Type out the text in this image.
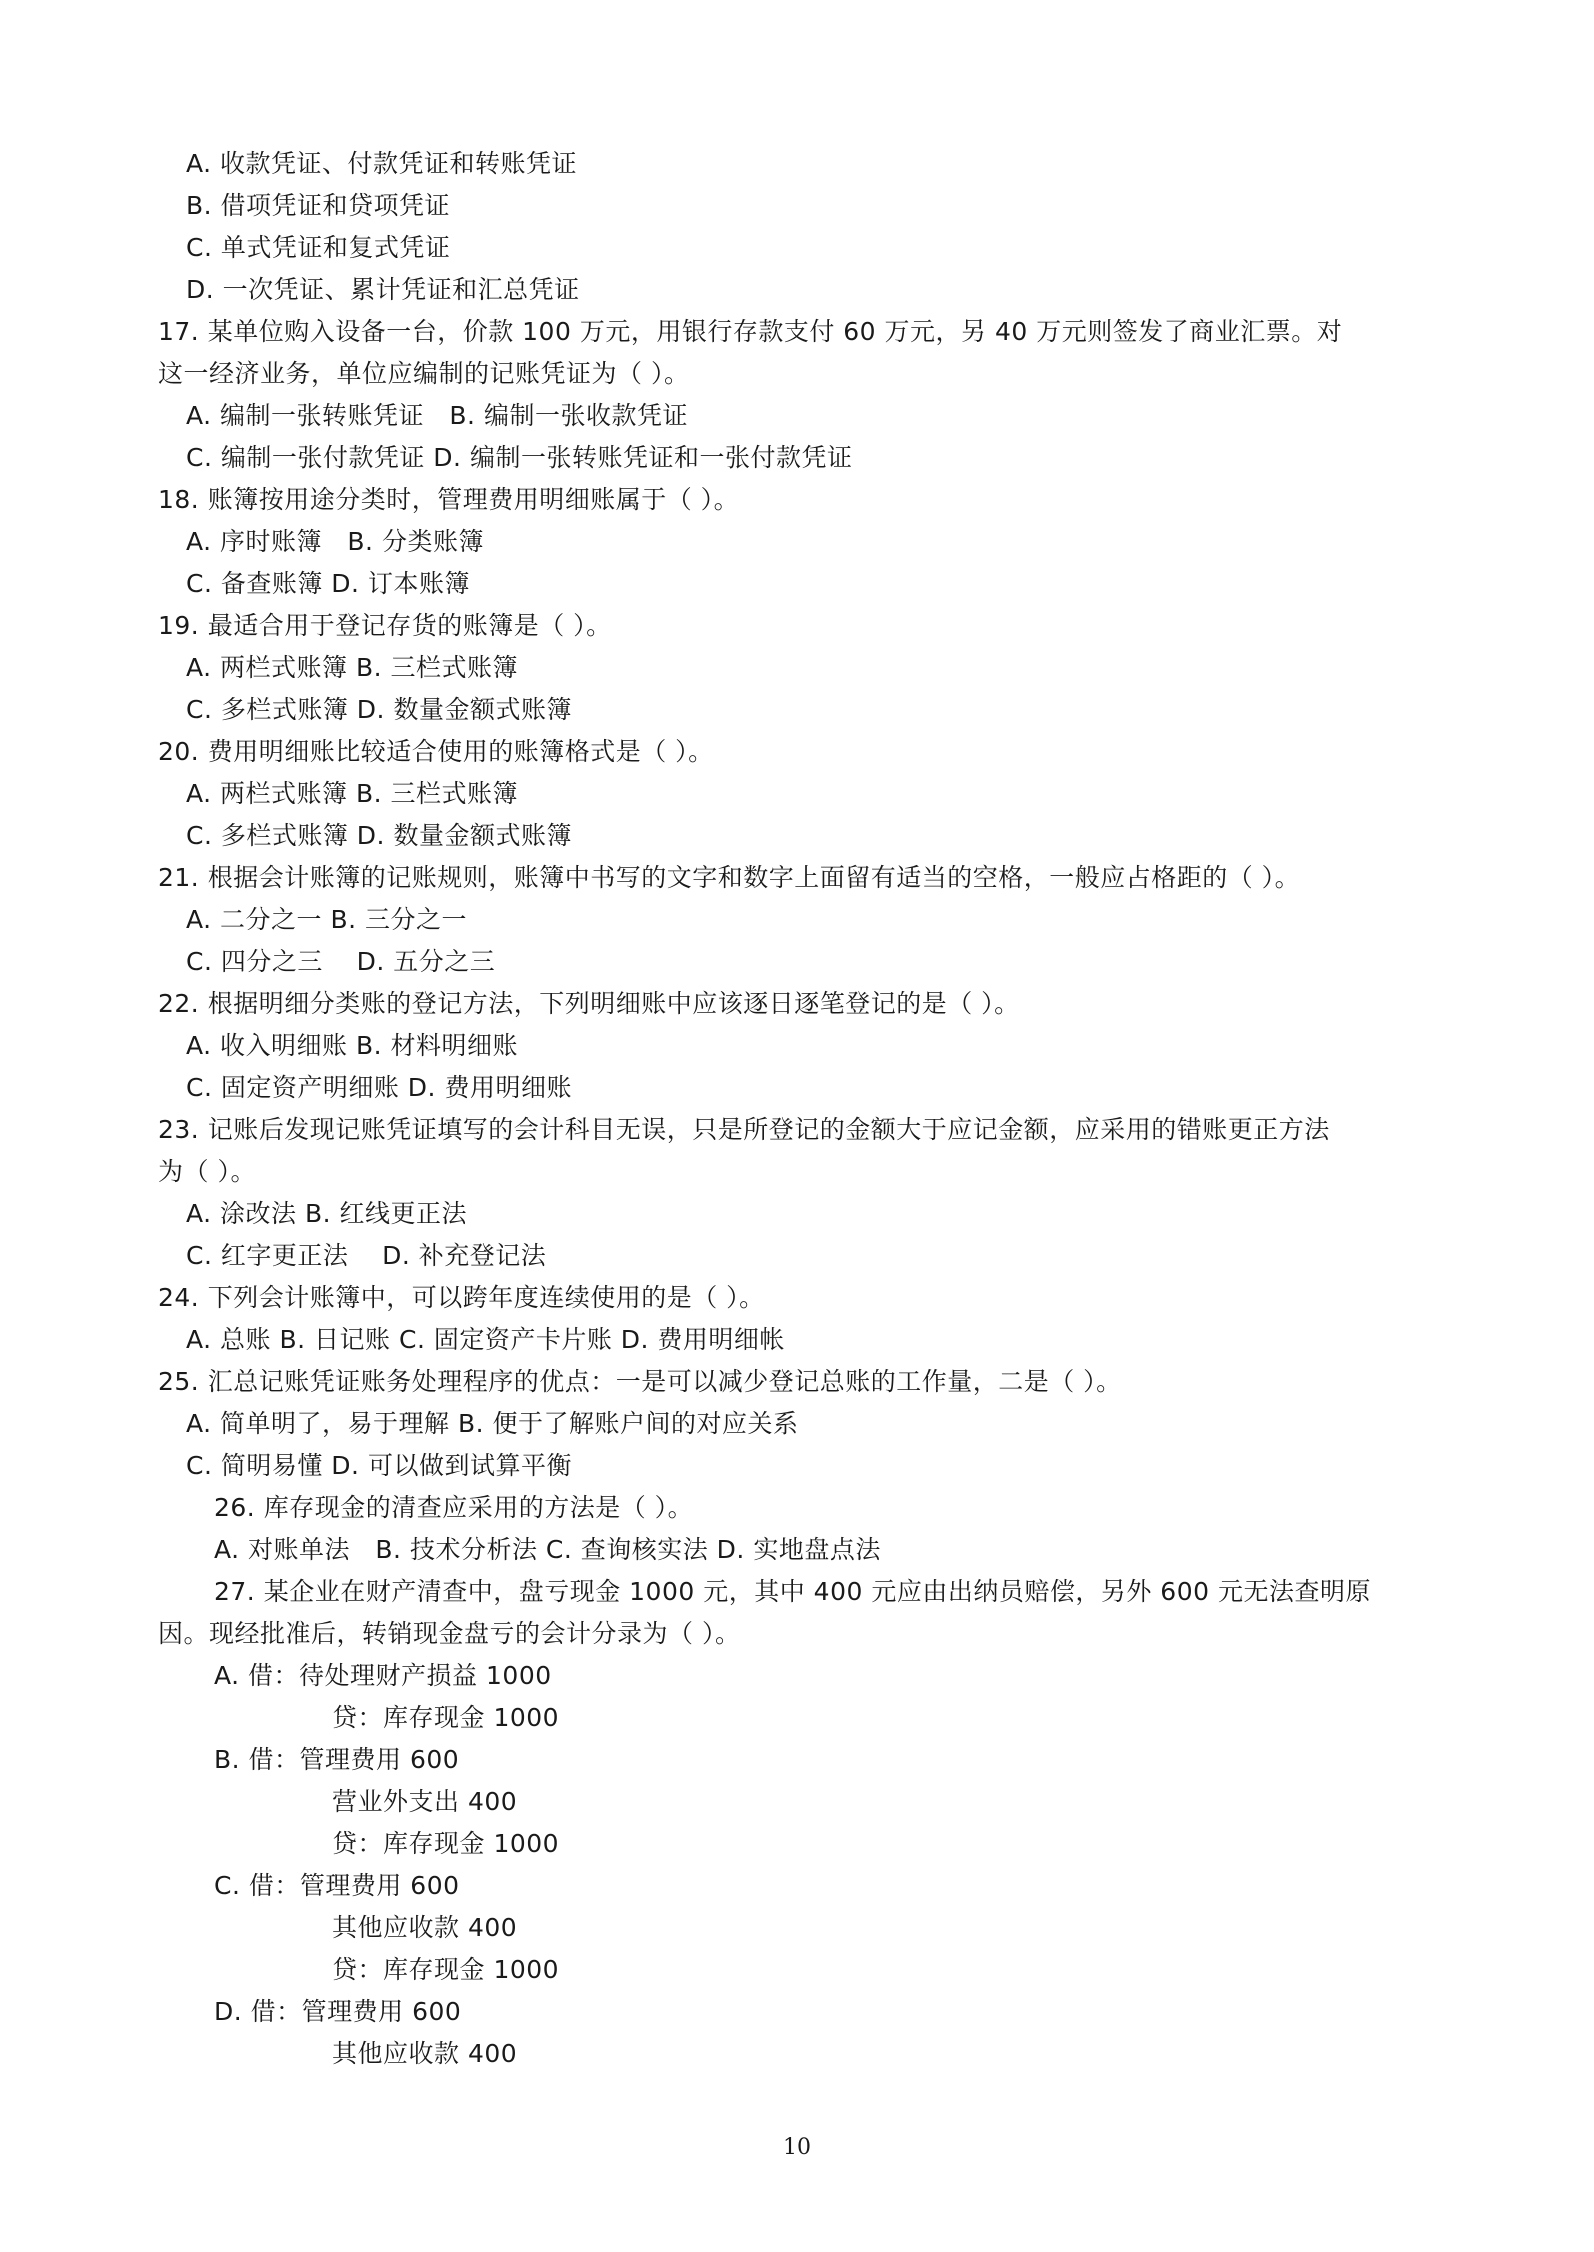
A. 收款凭证、付款凭证和转账凭证
B. 借项凭证和贷项凭证
C. 单式凭证和复式凭证
D. 一次凭证、累计凭证和汇总凭证
17. 某单位购入设备一台，价款 100 万元，用银行存款支付 60 万元，另 40 万元则签发了商业汇票。对
这一经济业务，单位应编制的记账凭证为（ ）。
A. 编制一张转账凭证   B. 编制一张收款凭证
C. 编制一张付款凭证 D. 编制一张转账凭证和一张付款凭证
18. 账簿按用途分类时，管理费用明细账属于（ ）。
A. 序时账簿   B. 分类账簿
C. 备查账簿 D. 订本账簿
19. 最适合用于登记存货的账簿是（ ）。
A. 两栏式账簿 B. 三栏式账簿
C. 多栏式账簿 D. 数量金额式账簿
20. 费用明细账比较适合使用的账簿格式是（ ）。
A. 两栏式账簿 B. 三栏式账簿
C. 多栏式账簿 D. 数量金额式账簿
21. 根据会计账簿的记账规则，账簿中书写的文字和数字上面留有适当的空格，一般应占格距的（ ）。
A. 二分之一 B. 三分之一
C. 四分之三    D. 五分之三
22. 根据明细分类账的登记方法，下列明细账中应该逐日逐笔登记的是（ ）。
A. 收入明细账 B. 材料明细账
C. 固定资产明细账 D. 费用明细账
23. 记账后发现记账凭证填写的会计科目无误，只是所登记的金额大于应记金额，应采用的错账更正方法
为（ ）。
A. 涂改法 B. 红线更正法
C. 红字更正法    D. 补充登记法
24. 下列会计账簿中，可以跨年度连续使用的是（ ）。
A. 总账 B. 日记账 C. 固定资产卡片账 D. 费用明细帐
25. 汇总记账凭证账务处理程序的优点：一是可以减少登记总账的工作量，二是（ ）。
A. 简单明了，易于理解 B. 便于了解账户间的对应关系
C. 简明易懂 D. 可以做到试算平衡
26. 库存现金的清查应采用的方法是（ ）。
A. 对账单法   B. 技术分析法 C. 查询核实法 D. 实地盘点法
27. 某企业在财产清查中，盘亏现金 1000 元，其中 400 元应由出纳员赔偿，另外 600 元无法查明原
因。现经批准后，转销现金盘亏的会计分录为（ ）。
A. 借：待处理财产损益 1000
贷：库存现金 1000
B. 借：管理费用 600
营业外支出 400
贷：库存现金 1000
C. 借：管理费用 600
其他应收款 400
贷：库存现金 1000
D. 借：管理费用 600
其他应收款 400
10
